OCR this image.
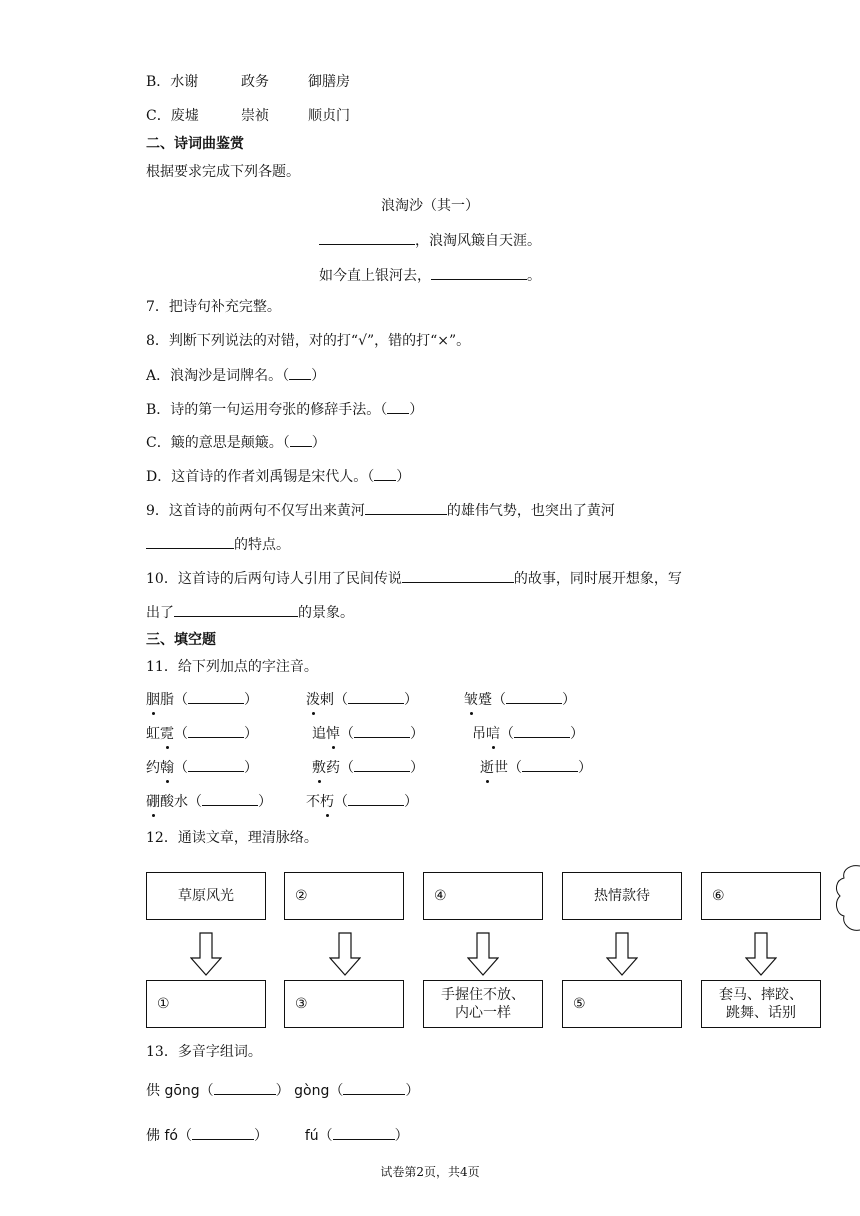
B．水谢	政务	御膳房
C．废墟	崇祯	顺贞门
二、诗词曲鉴赏
根据要求完成下列各题。
浪淘沙（其一）
，浪淘风簸自天涯。
如今直上银河去，	。
7．把诗句补充完整。
8．判断下列说法的对错，对的打“√”，错的打“×”。
A．浪淘沙是词牌名。（ ）
B．诗的第一句运用夸张的修辞手法。（ ）
C．簸的意思是颠簸。（ ）
D．这首诗的作者刘禹锡是宋代人。（ ）
9．这首诗的前两句不仅写出来黄河	的雄伟气势，也突出了黄河
的特点。
10．这首诗的后两句诗人引用了民间传说	的故事，同时展开想象，写
出了	的景象。
三、填空题
11．给下列加点的字注音。
胭脂（	）	泼剌（	）	皱蹙（	）
虹霓（	）	追悼（	）	吊唁（	）
约翰（	）	敷药（	）	逝世（	）
硼酸水（	） 不朽（	）
12．通读文章，理清脉络。
草原风光	②	④	热情款待	⑥
①	③
手握住不放、
内心一样
⑤
套马、摔跤、
跳舞、话别
13．多音字组词。
供 gōng（	） gòng（	）
佛 fó（	）	fú（	）
试卷第2页，共4页
